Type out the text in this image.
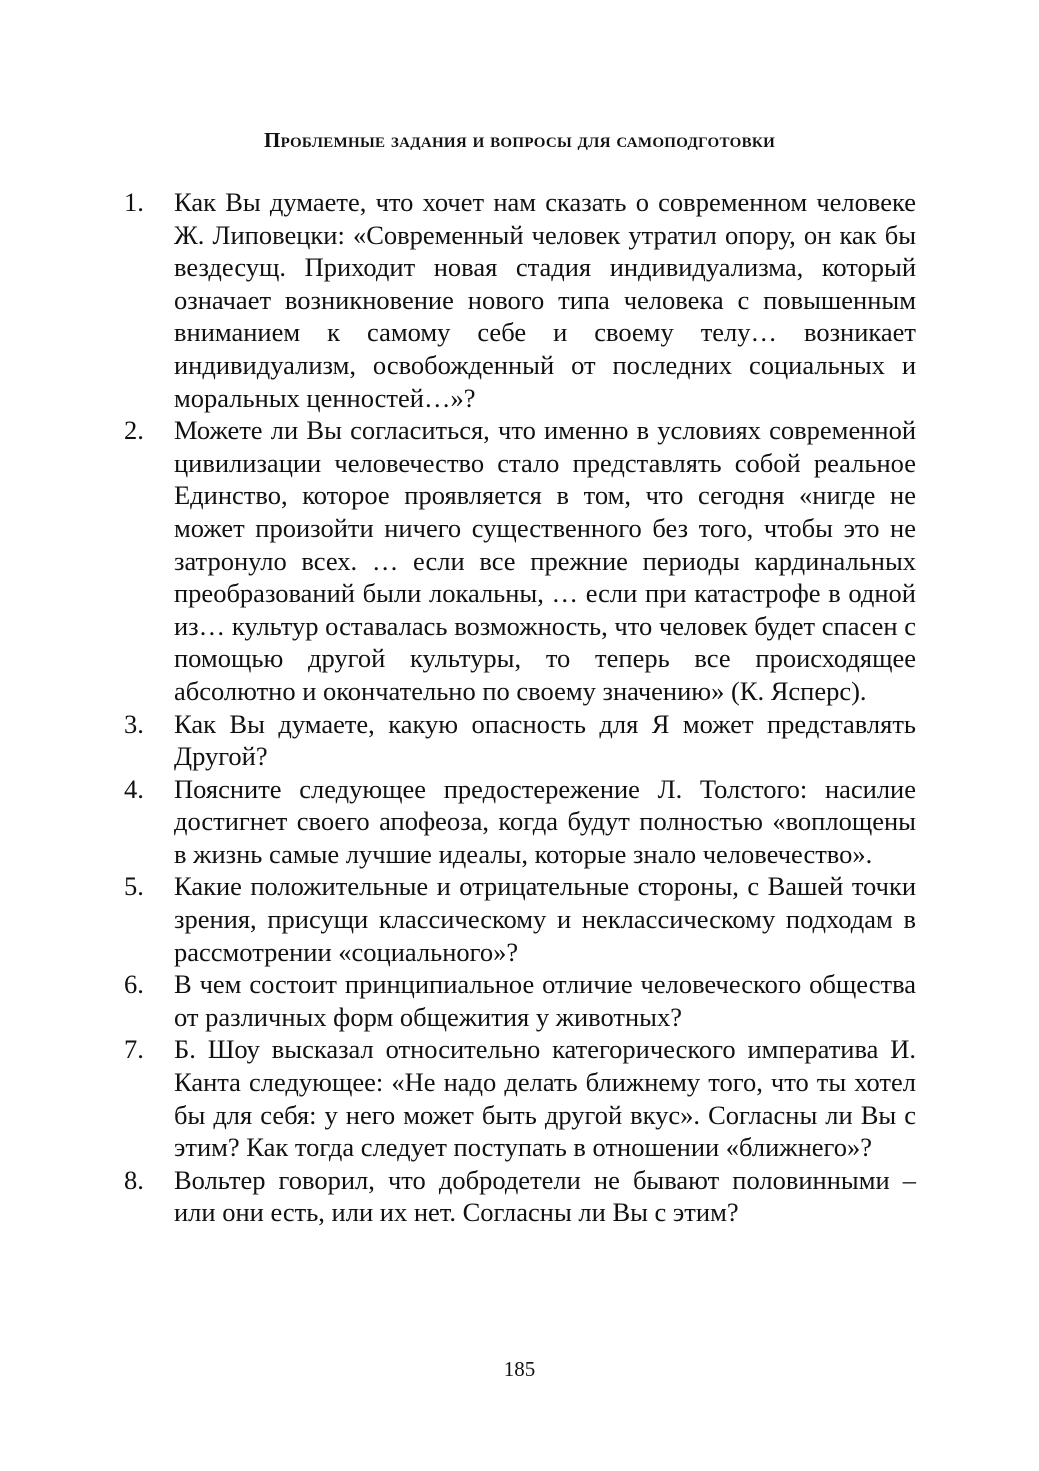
Проблемные задания и вопросы для самоподготовки
1. Как Вы думаете, что хочет нам сказать о современном человеке Ж. Липовецки: «Современный человек утратил опору, он как бы вездесущ. Приходит новая стадия индивидуализма, который означает возникновение нового типа человека с повышенным вниманием к самому себе и своему телу… возникает индивидуализм, освобожденный от последних социальных и моральных ценностей…»?
2. Можете ли Вы согласиться, что именно в условиях современной цивилизации человечество стало представлять собой реальное Единство, которое проявляется в том, что сегодня «нигде не может произойти ничего существенного без того, чтобы это не затронуло всех. … если все прежние периоды кардинальных преобразований были локальны, … если при катастрофе в одной из… культур оставалась возможность, что человек будет спасен с помощью другой культуры, то теперь все происходящее абсолютно и окончательно по своему значению» (К. Ясперс).
3. Как Вы думаете, какую опасность для Я может представлять Другой?
4. Поясните следующее предостережение Л. Толстого: насилие достигнет своего апофеоза, когда будут полностью «воплощены в жизнь самые лучшие идеалы, которые знало человечество».
5. Какие положительные и отрицательные стороны, с Вашей точки зрения, присущи классическому и неклассическому подходам в рассмотрении «социального»?
6. В чем состоит принципиальное отличие человеческого общества от различных форм общежития у животных?
7. Б. Шоу высказал относительно категорического императива И. Канта следующее: «Не надо делать ближнему того, что ты хотел бы для себя: у него может быть другой вкус». Согласны ли Вы с этим? Как тогда следует поступать в отношении «ближнего»?
8. Вольтер говорил, что добродетели не бывают половинными – или они есть, или их нет. Согласны ли Вы с этим?
185
